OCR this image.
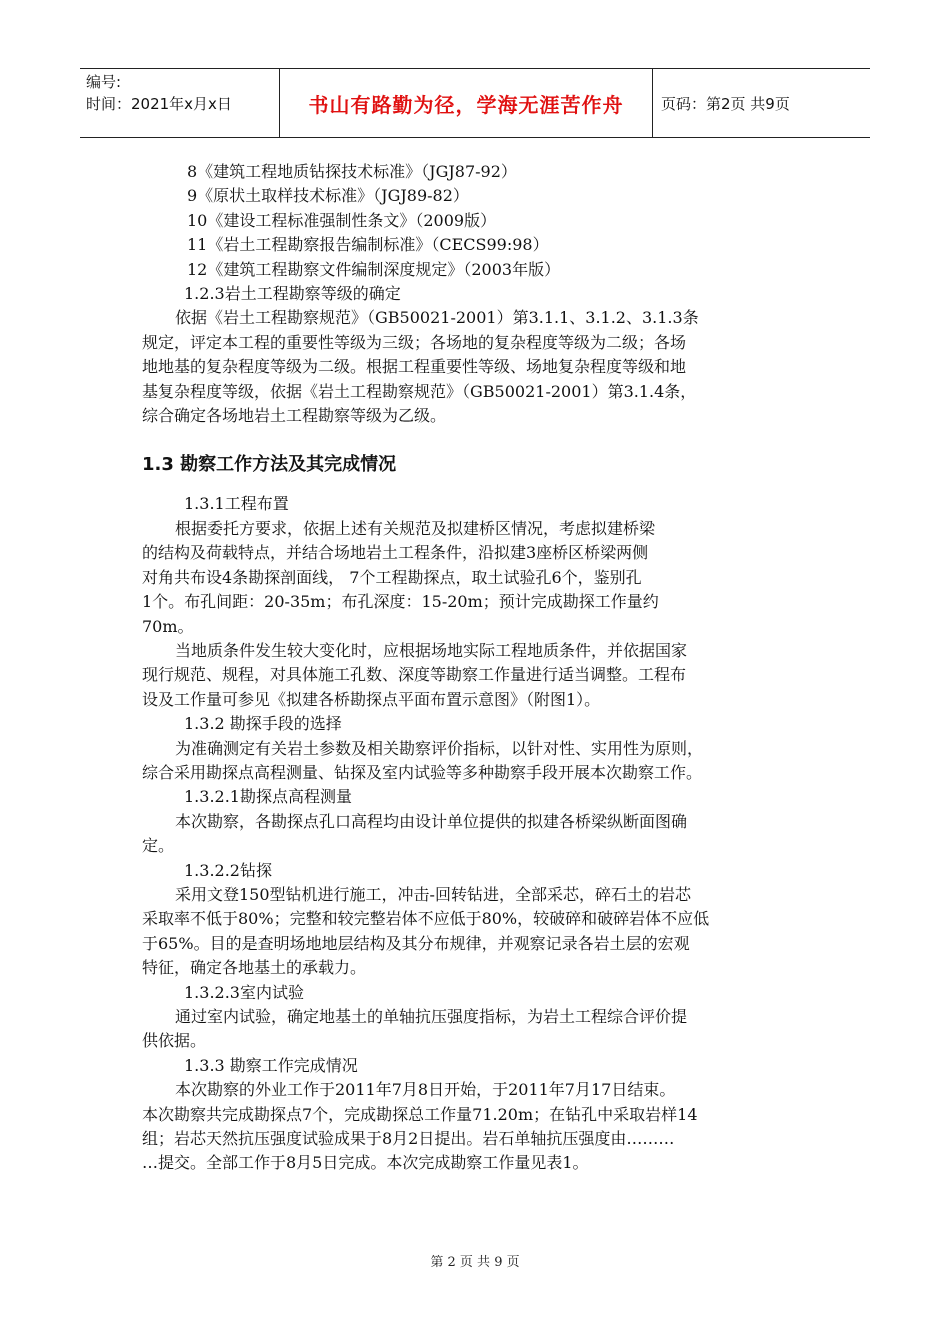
编号:
时间：2021年x月x日	书山有路勤为径，学海无涯苦作舟	页码：第2页 共9页
8《建筑工程地质钻探技术标准》（JGJ87-92）
9《原状土取样技术标准》（JGJ89-82）
10《建设工程标准强制性条文》（2009版）
11《岩土工程勘察报告编制标准》（CECS99:98）
12《建筑工程勘察文件编制深度规定》（2003年版）
1.2.3岩土工程勘察等级的确定
依据《岩土工程勘察规范》（GB50021-2001）第3.1.1、3.1.2、3.1.3条
规定，评定本工程的重要性等级为三级；各场地的复杂程度等级为二级；各场
地地基的复杂程度等级为二级。根据工程重要性等级、场地复杂程度等级和地
基复杂程度等级，依据《岩土工程勘察规范》（GB50021-2001）第3.1.4条，
综合确定各场地岩土工程勘察等级为乙级。
1.3 勘察工作方法及其完成情况
1.3.1工程布置
根据委托方要求，依据上述有关规范及拟建桥区情况，考虑拟建桥梁
的结构及荷载特点，并结合场地岩土工程条件，沿拟建3座桥区桥梁两侧
对角共布设4条勘探剖面线， 7个工程勘探点，取土试验孔6个，鉴别孔
1个。布孔间距：20-35m；布孔深度：15-20m；预计完成勘探工作量约
70m。
当地质条件发生较大变化时，应根据场地实际工程地质条件，并依据国家
现行规范、规程，对具体施工孔数、深度等勘察工作量进行适当调整。工程布
设及工作量可参见《拟建各桥勘探点平面布置示意图》（附图1）。
1.3.2 勘探手段的选择
为准确测定有关岩土参数及相关勘察评价指标，以针对性、实用性为原则，
综合采用勘探点高程测量、钻探及室内试验等多种勘察手段开展本次勘察工作。
1.3.2.1勘探点高程测量
本次勘察，各勘探点孔口高程均由设计单位提供的拟建各桥梁纵断面图确
定。
1.3.2.2钻探
采用文登150型钻机进行施工，冲击-回转钻进，全部采芯，碎石土的岩芯
采取率不低于80%；完整和较完整岩体不应低于80%，较破碎和破碎岩体不应低
于65%。目的是查明场地地层结构及其分布规律，并观察记录各岩土层的宏观
特征，确定各地基土的承载力。
1.3.2.3室内试验
通过室内试验，确定地基土的单轴抗压强度指标，为岩土工程综合评价提
供依据。
1.3.3 勘察工作完成情况
本次勘察的外业工作于2011年7月8日开始，于2011年7月17日结束。
本次勘察共完成勘探点7个，完成勘探总工作量71.20m；在钻孔中采取岩样14
组；岩芯天然抗压强度试验成果于8月2日提出。岩石单轴抗压强度由………
…提交。全部工作于8月5日完成。本次完成勘察工作量见表1。
第 2 页 共 9 页
